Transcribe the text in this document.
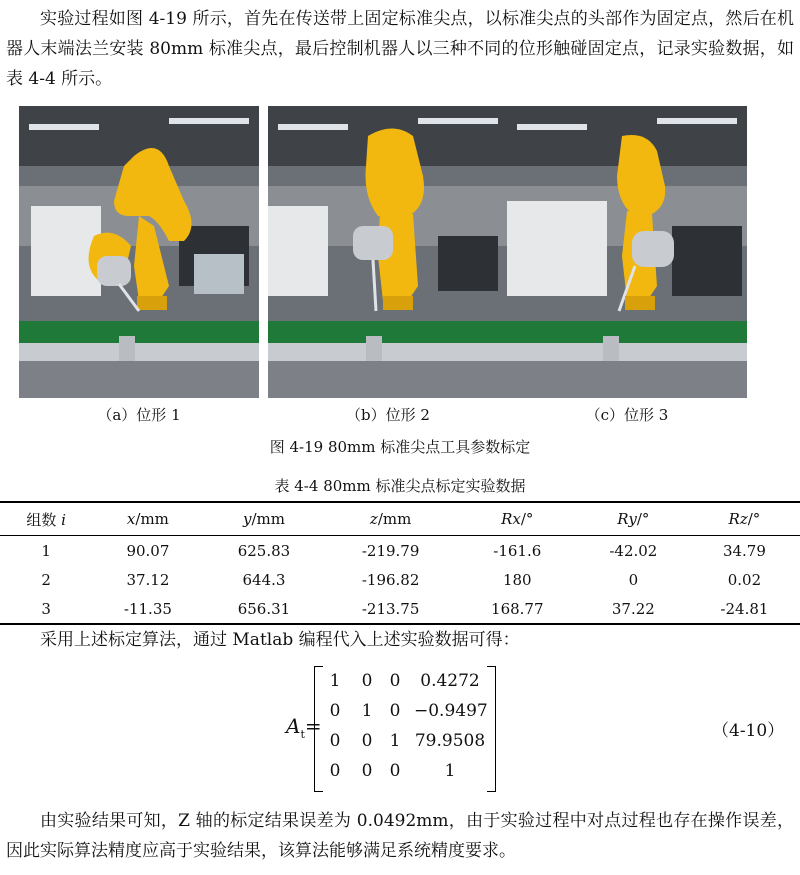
实验过程如图 4-19 所示，首先在传送带上固定标准尖点，以标准尖点的头部作为固定点，然后在机器人末端法兰安装 80mm 标准尖点，最后控制机器人以三种不同的位形触碰固定点，记录实验数据，如表 4-4 所示。

（a）位形 1	（b）位形 2	（c）位形 3
图 4-19 80mm 标准尖点工具参数标定
表 4-4 80mm 标准尖点标定实验数据
组数 i	x/mm	y/mm	z/mm	Rx/°	Ry/°	Rz/°
1	90.07	625.83	-219.79	-161.6	-42.02	34.79
2	37.12	644.3	-196.82	180	0	0.02
3	-11.35	656.31	-213.75	168.77	37.22	-24.81

采用上述标定算法，通过 Matlab 编程代入上述实验数据可得：

$A_t=$
1 0 0	0.4272
0 1 0 −0.9497
0 0 1 79.9508
0 0 0	1
（4-10）

由实验结果可知，Z 轴的标定结果误差为 0.0492mm，由于实验过程中对点过程也存在操作误差，因此实际算法精度应高于实验结果，该算法能够满足系统精度要求。
